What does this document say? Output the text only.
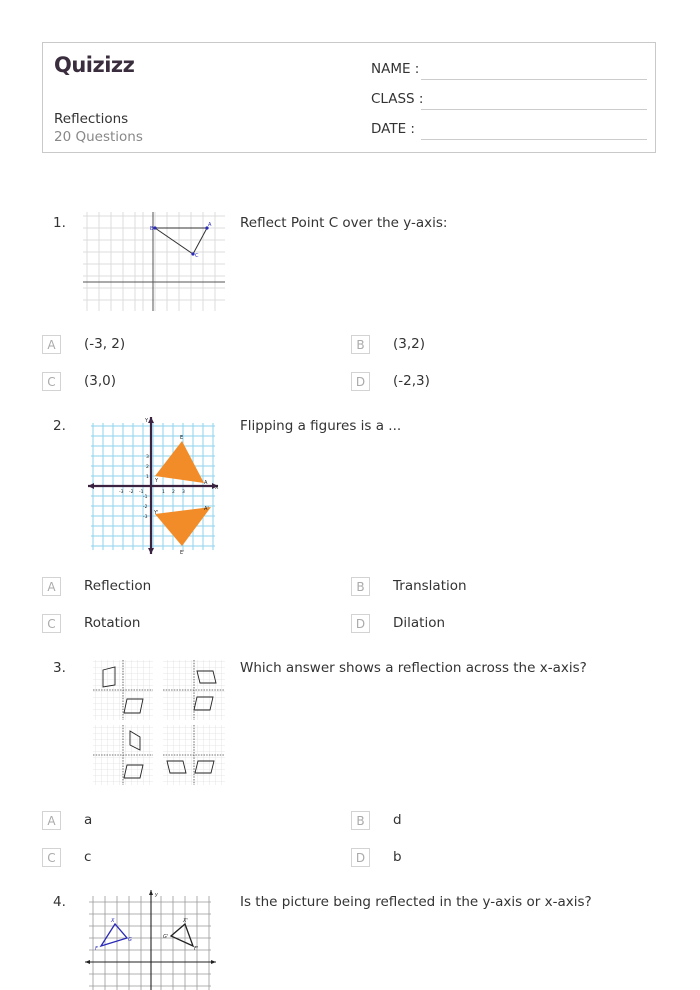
Quizizz
Reflections
20 Questions
NAME :
CLASS :
DATE :
1.	B
A
C
Reflect Point C over the y-axis:
A	(-3, 2)	B	(3,2)
C	(3,0)	D	(-2,3)
2.	Y
X
E
Y	A
Y'
A'
E'
-3 -2 -1	1 2 3
3
2
1
-1
-2
-3
Flipping a figures is a ...
A	Reflection	B	Translation
C	Rotation	D	Dilation
3.	Which answer shows a reflection across the x-axis?
A	a	B	d
C	c	D	b
4.	y
X
F
G
X'
G'
F'
Is the picture being reflected in the y-axis or x-axis?
